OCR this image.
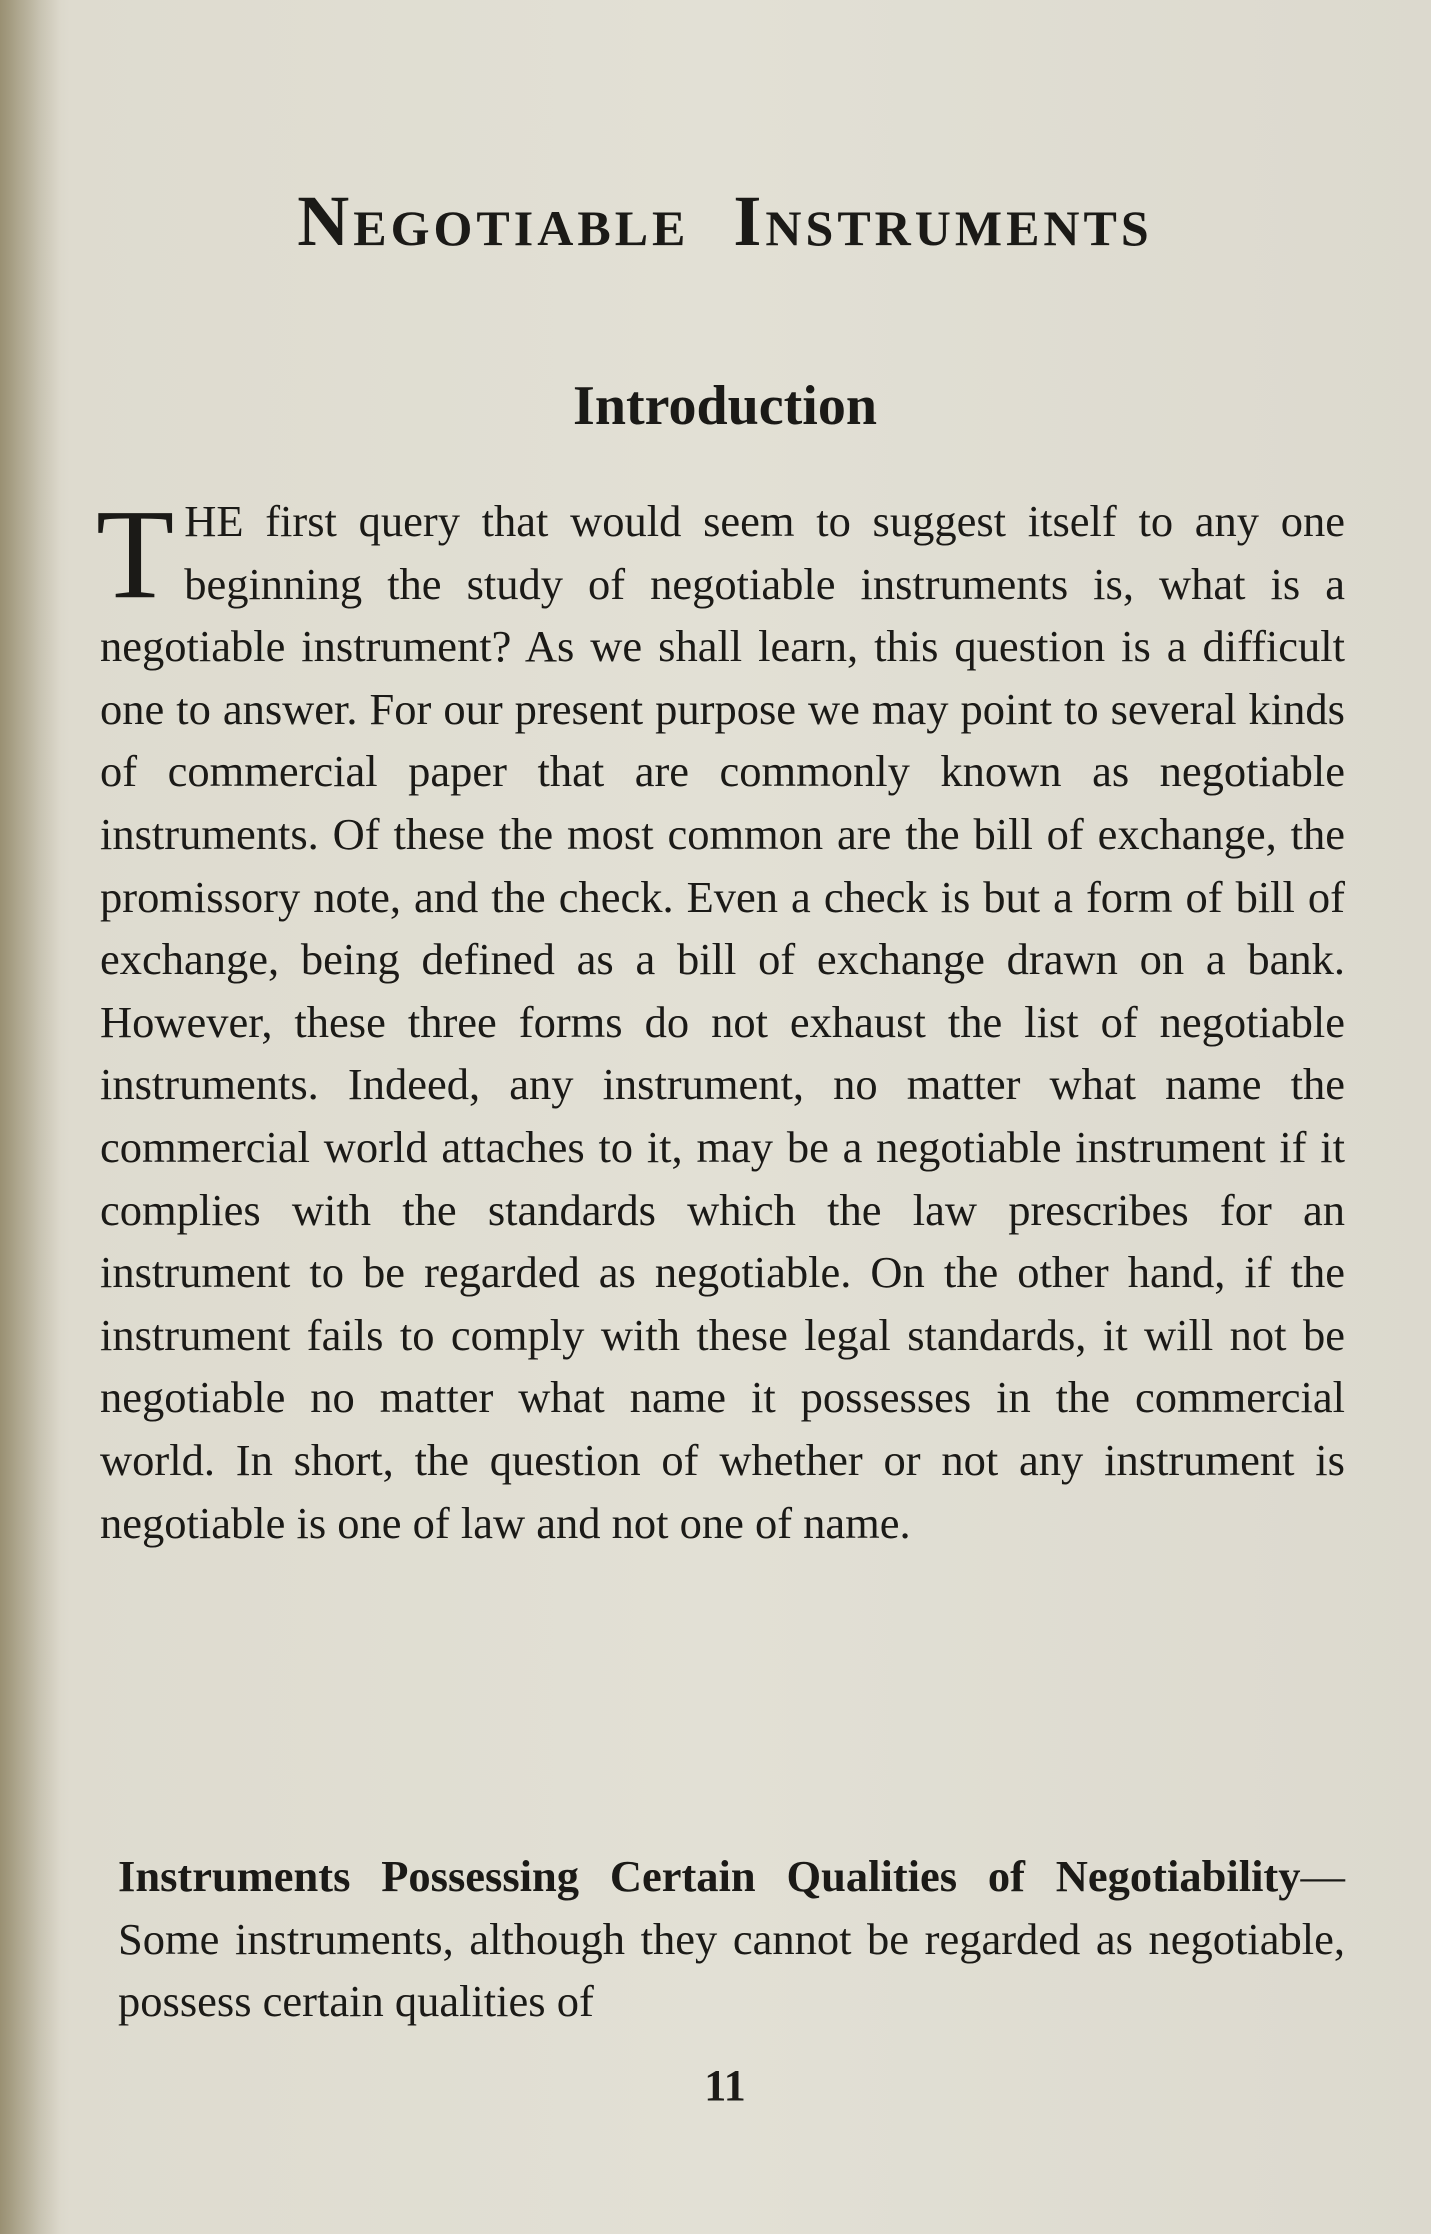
Negotiable Instruments
Introduction

THE first query that would seem to suggest itself to any one beginning the study of negotiable instruments is, what is a negotiable instrument? As we shall learn, this question is a difficult one to answer. For our present purpose we may point to several kinds of commercial paper that are commonly known as negotiable instruments. Of these the most common are the bill of exchange, the promissory note, and the check. Even a check is but a form of bill of exchange, being defined as a bill of exchange drawn on a bank. However, these three forms do not exhaust the list of negotiable instruments. Indeed, any instrument, no matter what name the commercial world attaches to it, may be a negotiable instrument if it complies with the standards which the law prescribes for an instrument to be regarded as negotiable. On the other hand, if the instrument fails to comply with these legal standards, it will not be negotiable no matter what name it possesses in the commercial world. In short, the question of whether or not any instrument is negotiable is one of law and not one of name.

Instruments Possessing Certain Qualities of Negotiability—Some instruments, although they cannot be regarded as negotiable, possess certain qualities of

11
